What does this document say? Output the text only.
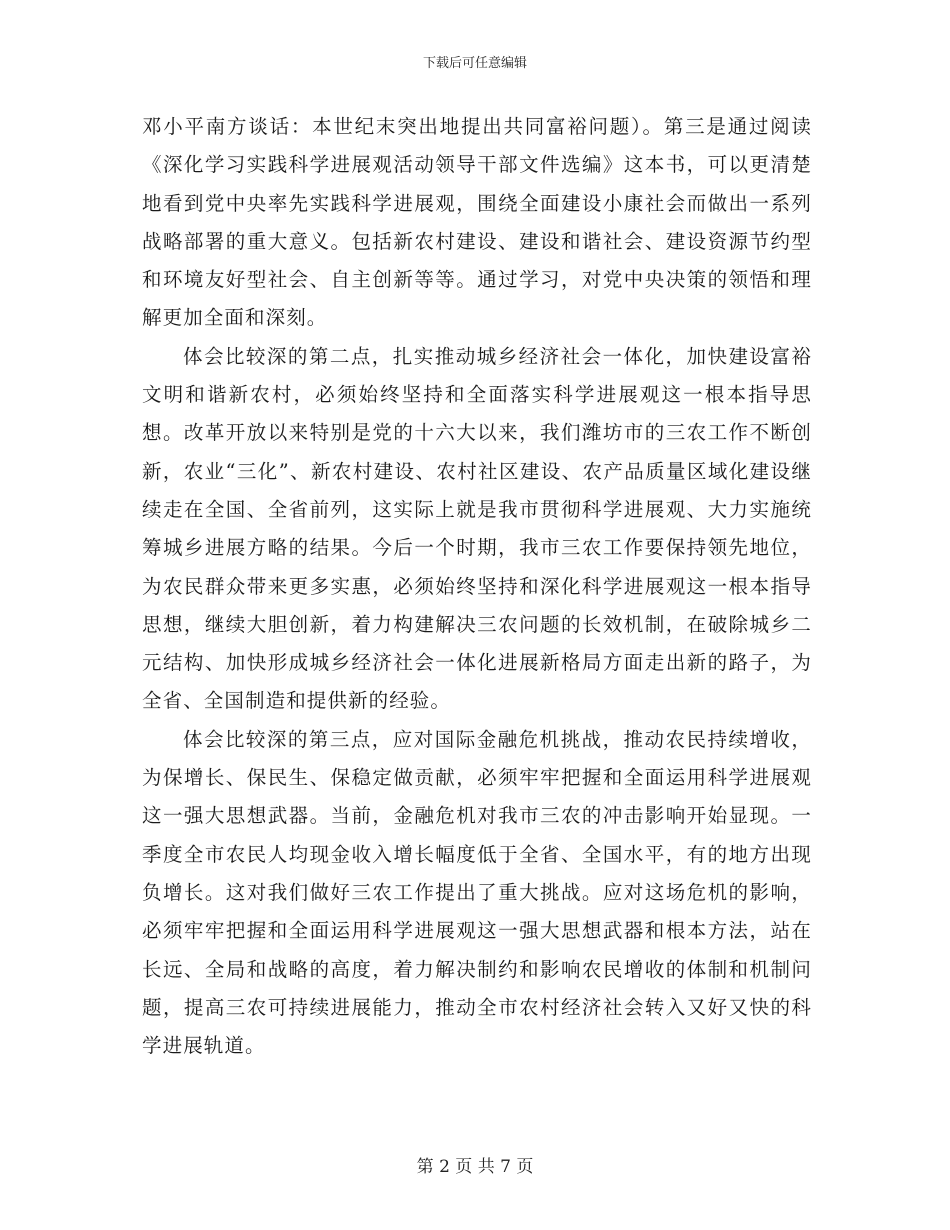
下载后可任意编辑

邓小平南方谈话：本世纪末突出地提出共同富裕问题）。第三是通过阅读《深化学习实践科学进展观活动领导干部文件选编》这本书，可以更清楚地看到党中央率先实践科学进展观，围绕全面建设小康社会而做出一系列战略部署的重大意义。包括新农村建设、建设和谐社会、建设资源节约型和环境友好型社会、自主创新等等。通过学习，对党中央决策的领悟和理解更加全面和深刻。

体会比较深的第二点，扎实推动城乡经济社会一体化，加快建设富裕文明和谐新农村，必须始终坚持和全面落实科学进展观这一根本指导思想。改革开放以来特别是党的十六大以来，我们潍坊市的三农工作不断创新，农业“三化”、新农村建设、农村社区建设、农产品质量区域化建设继续走在全国、全省前列，这实际上就是我市贯彻科学进展观、大力实施统筹城乡进展方略的结果。今后一个时期，我市三农工作要保持领先地位，为农民群众带来更多实惠，必须始终坚持和深化科学进展观这一根本指导思想，继续大胆创新，着力构建解决三农问题的长效机制，在破除城乡二元结构、加快形成城乡经济社会一体化进展新格局方面走出新的路子，为全省、全国制造和提供新的经验。

体会比较深的第三点，应对国际金融危机挑战，推动农民持续增收，为保增长、保民生、保稳定做贡献，必须牢牢把握和全面运用科学进展观这一强大思想武器。当前，金融危机对我市三农的冲击影响开始显现。一季度全市农民人均现金收入增长幅度低于全省、全国水平，有的地方出现负增长。这对我们做好三农工作提出了重大挑战。应对这场危机的影响，必须牢牢把握和全面运用科学进展观这一强大思想武器和根本方法，站在长远、全局和战略的高度，着力解决制约和影响农民增收的体制和机制问题，提高三农可持续进展能力，推动全市农村经济社会转入又好又快的科学进展轨道。

第 2 页 共 7 页
